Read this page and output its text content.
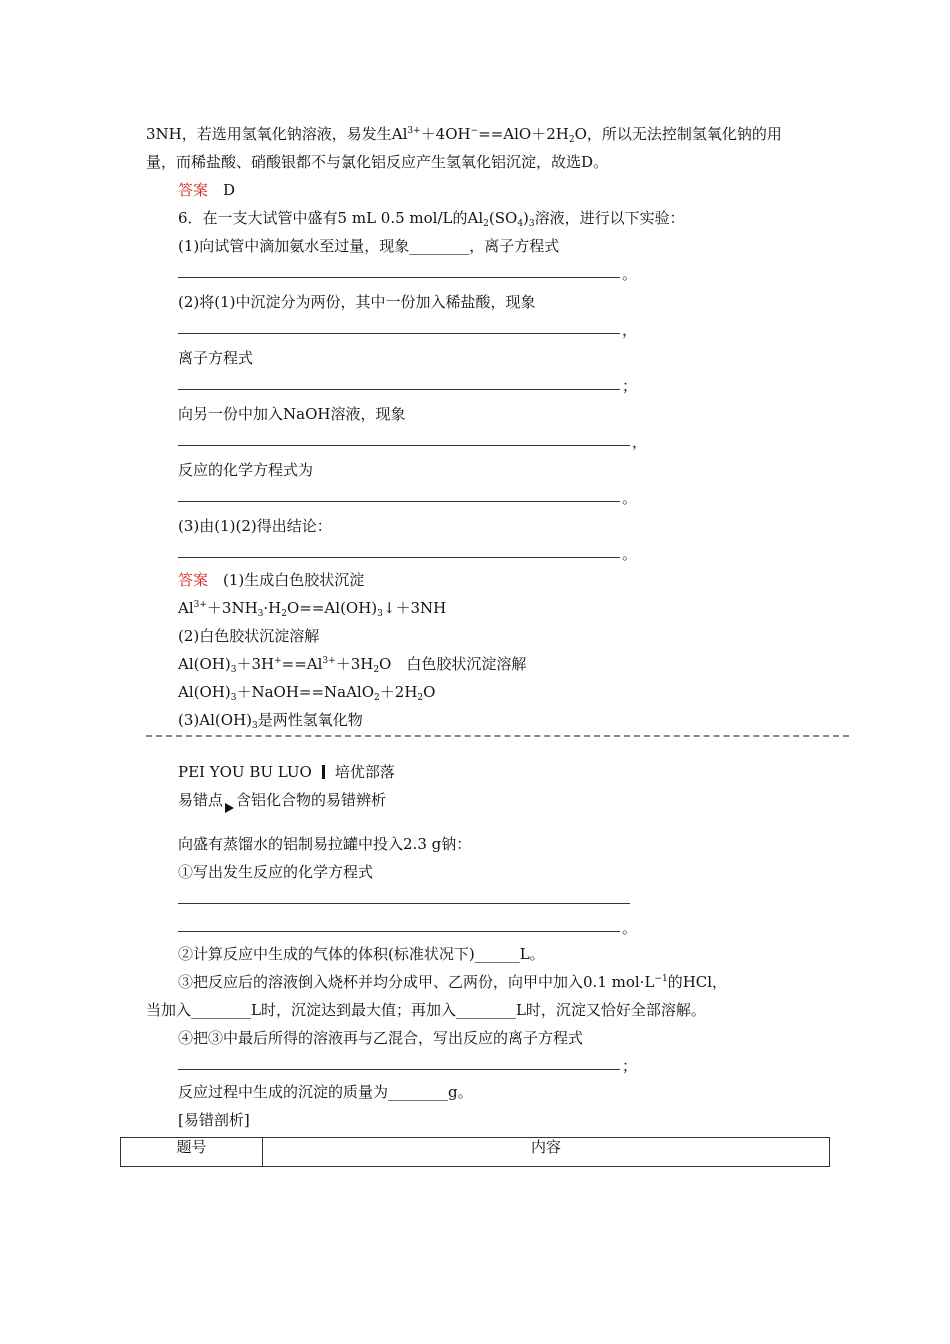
3NH，若选用氢氧化钠溶液，易发生$Al^{3+}+4OH^-==AlO+2H_2O$，所以无法控制氢氧化钠的用
量，而稀盐酸、硝酸银都不与氯化铝反应产生氢氧化铝沉淀，故选D。
答案　 D
6．在一支大试管中盛有5 mL 0.5 mol/L的$Al_2(SO_4)_3$溶液，进行以下实验：
(1)向试管中滴加氨水至过量，现象________，离子方程式
。
(2)将(1)中沉淀分为两份，其中一份加入稀盐酸，现象
，
离子方程式
；
向另一份中加入NaOH溶液，现象
，
反应的化学方程式为
。
(3)由(1)(2)得出结论：
。
答案　 (1)生成白色胶状沉淀
$Al^{3+}+3NH_3\cdot H_2O==Al(OH)_3↓+3NH$
(2)白色胶状沉淀溶解
$Al(OH)_3+3H^+==Al^{3+}+3H_2O$　白色胶状沉淀溶解
$Al(OH)_3+NaOH==NaAlO_2+2H_2O$
$(3)Al(OH)_3$是两性氢氧化物
PEI YOU BU LUO 培优部落
易错点 含铝化合物的易错辨析
向盛有蒸馏水的铝制易拉罐中投入2.3 g钠：
①写出发生反应的化学方程式
。
②计算反应中生成的气体的体积(标准状况下)______L。
③把反应后的溶液倒入烧杯并均分成甲、乙两份，向甲中加入0.1 $mol\cdot L^{-1}$的HCl，
当加入________L时，沉淀达到最大值；再加入________L时，沉淀又恰好全部溶解。
④把③中最后所得的溶液再与乙混合，写出反应的离子方程式
；
反应过程中生成的沉淀的质量为________g。
[易错剖析]
题号	内容
